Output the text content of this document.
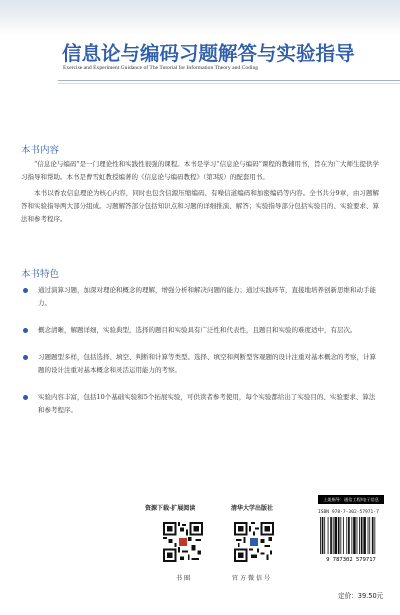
信息论与编码习题解答与实验指导
Exercise and Experiment Guidance of The Tutorial for Information Theory and Coding
本书内容

“信息论与编码”是一门理论性和实践性很强的课程。本书是学习“信息论与编码”课程的教辅用书，旨在为广大师生提供学习指导和帮助。本书是曹雪虹教授编著的《信息论与编码教程》（第3版）的配套用书。

本书以香农信息理论为核心内容，同时也包含信源压缩编码、有噪信道编码和加密编码等内容。全书共分9章，由习题解答和实验指导两大部分组成。习题解答部分包括知识点和习题的详细推演、解答；实验指导部分包括实验目的、实验要求、算法和参考程序。

本书特色
通过演算习题，加深对理论和概念的理解，增强分析和解决问题的能力；通过实践环节，直接地培养创新思维和动手能力。
概念清晰，解题详细，实验典型，选择的题目和实验具有广泛性和代表性，且题目和实验的难度适中，有层次。
习题题型多样，包括选择、填空、判断和计算等类型。选择、填空和判断型客观题的设计注重对基本概念的考察，计算题的设计注重对基本概念和灵活运用能力的考察。
实验内容丰富，包括10个基础实验和5个拓展实验，可供读者参考使用，每个实验都给出了实验目的、实验要求、算法和参考程序。
资源下载·扩展阅读	清华大学出版社
书圈	官方微信号
上架指导：通信工程/电子信息
ISBN 978-7-302-57971-7
9 787302 579717
定价：39.50元
